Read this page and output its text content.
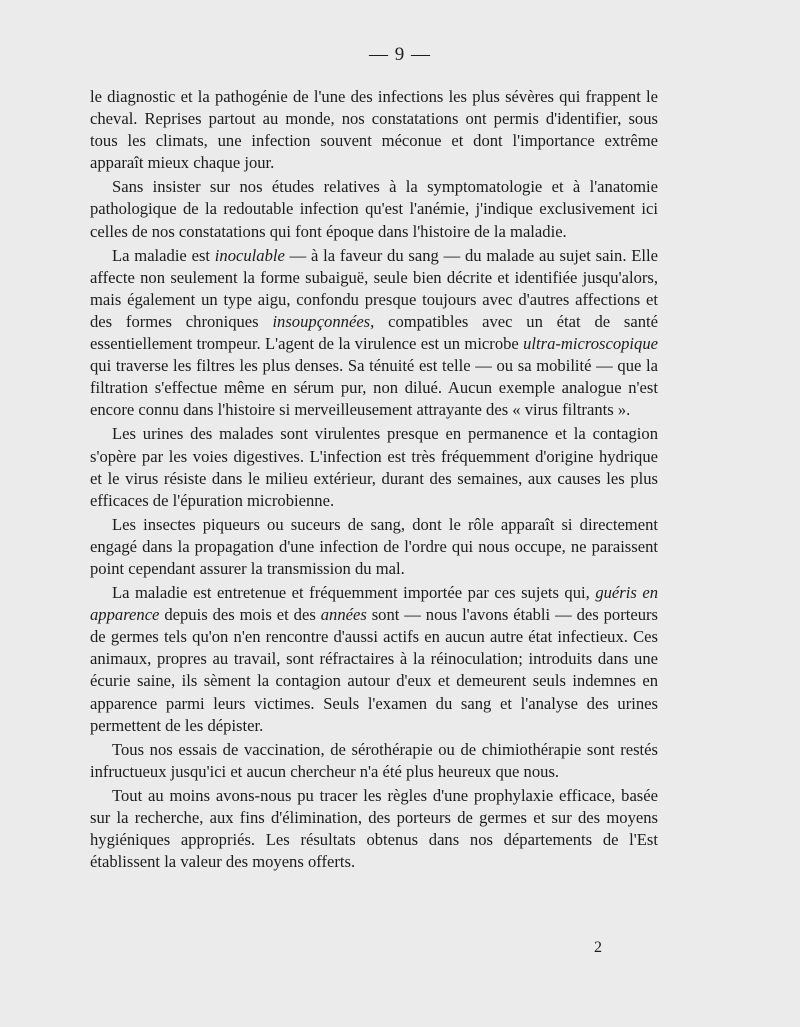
— 9 —

le diagnostic et la pathogénie de l'une des infections les plus sévères qui frappent le cheval. Reprises partout au monde, nos constatations ont permis d'identifier, sous tous les climats, une infection souvent méconue et dont l'importance extrême apparaît mieux chaque jour.

Sans insister sur nos études relatives à la symptomatologie et à l'anatomie pathologique de la redoutable infection qu'est l'anémie, j'indique exclusivement ici celles de nos constatations qui font époque dans l'histoire de la maladie.

La maladie est inoculable — à la faveur du sang — du malade au sujet sain. Elle affecte non seulement la forme subaiguë, seule bien décrite et identifiée jusqu'alors, mais également un type aigu, confondu presque toujours avec d'autres affections et des formes chroniques insoupçonnées, compatibles avec un état de santé essentiellement trompeur. L'agent de la virulence est un microbe ultra-microscopique qui traverse les filtres les plus denses. Sa ténuité est telle — ou sa mobilité — que la filtration s'effectue même en sérum pur, non dilué. Aucun exemple analogue n'est encore connu dans l'histoire si merveilleusement attrayante des « virus filtrants ».

Les urines des malades sont virulentes presque en permanence et la contagion s'opère par les voies digestives. L'infection est très fréquemment d'origine hydrique et le virus résiste dans le milieu extérieur, durant des semaines, aux causes les plus efficaces de l'épuration microbienne.

Les insectes piqueurs ou suceurs de sang, dont le rôle apparaît si directement engagé dans la propagation d'une infection de l'ordre qui nous occupe, ne paraissent point cependant assurer la transmission du mal.

La maladie est entretenue et fréquemment importée par ces sujets qui, guéris en apparence depuis des mois et des années sont — nous l'avons établi — des porteurs de germes tels qu'on n'en rencontre d'aussi actifs en aucun autre état infectieux. Ces animaux, propres au travail, sont réfractaires à la réinoculation; introduits dans une écurie saine, ils sèment la contagion autour d'eux et demeurent seuls indemnes en apparence parmi leurs victimes. Seuls l'examen du sang et l'analyse des urines permettent de les dépister.

Tous nos essais de vaccination, de sérothérapie ou de chimiothérapie sont restés infructueux jusqu'ici et aucun chercheur n'a été plus heureux que nous.

Tout au moins avons-nous pu tracer les règles d'une prophylaxie efficace, basée sur la recherche, aux fins d'élimination, des porteurs de germes et sur des moyens hygiéniques appropriés. Les résultats obtenus dans nos départements de l'Est établissent la valeur des moyens offerts.

2
